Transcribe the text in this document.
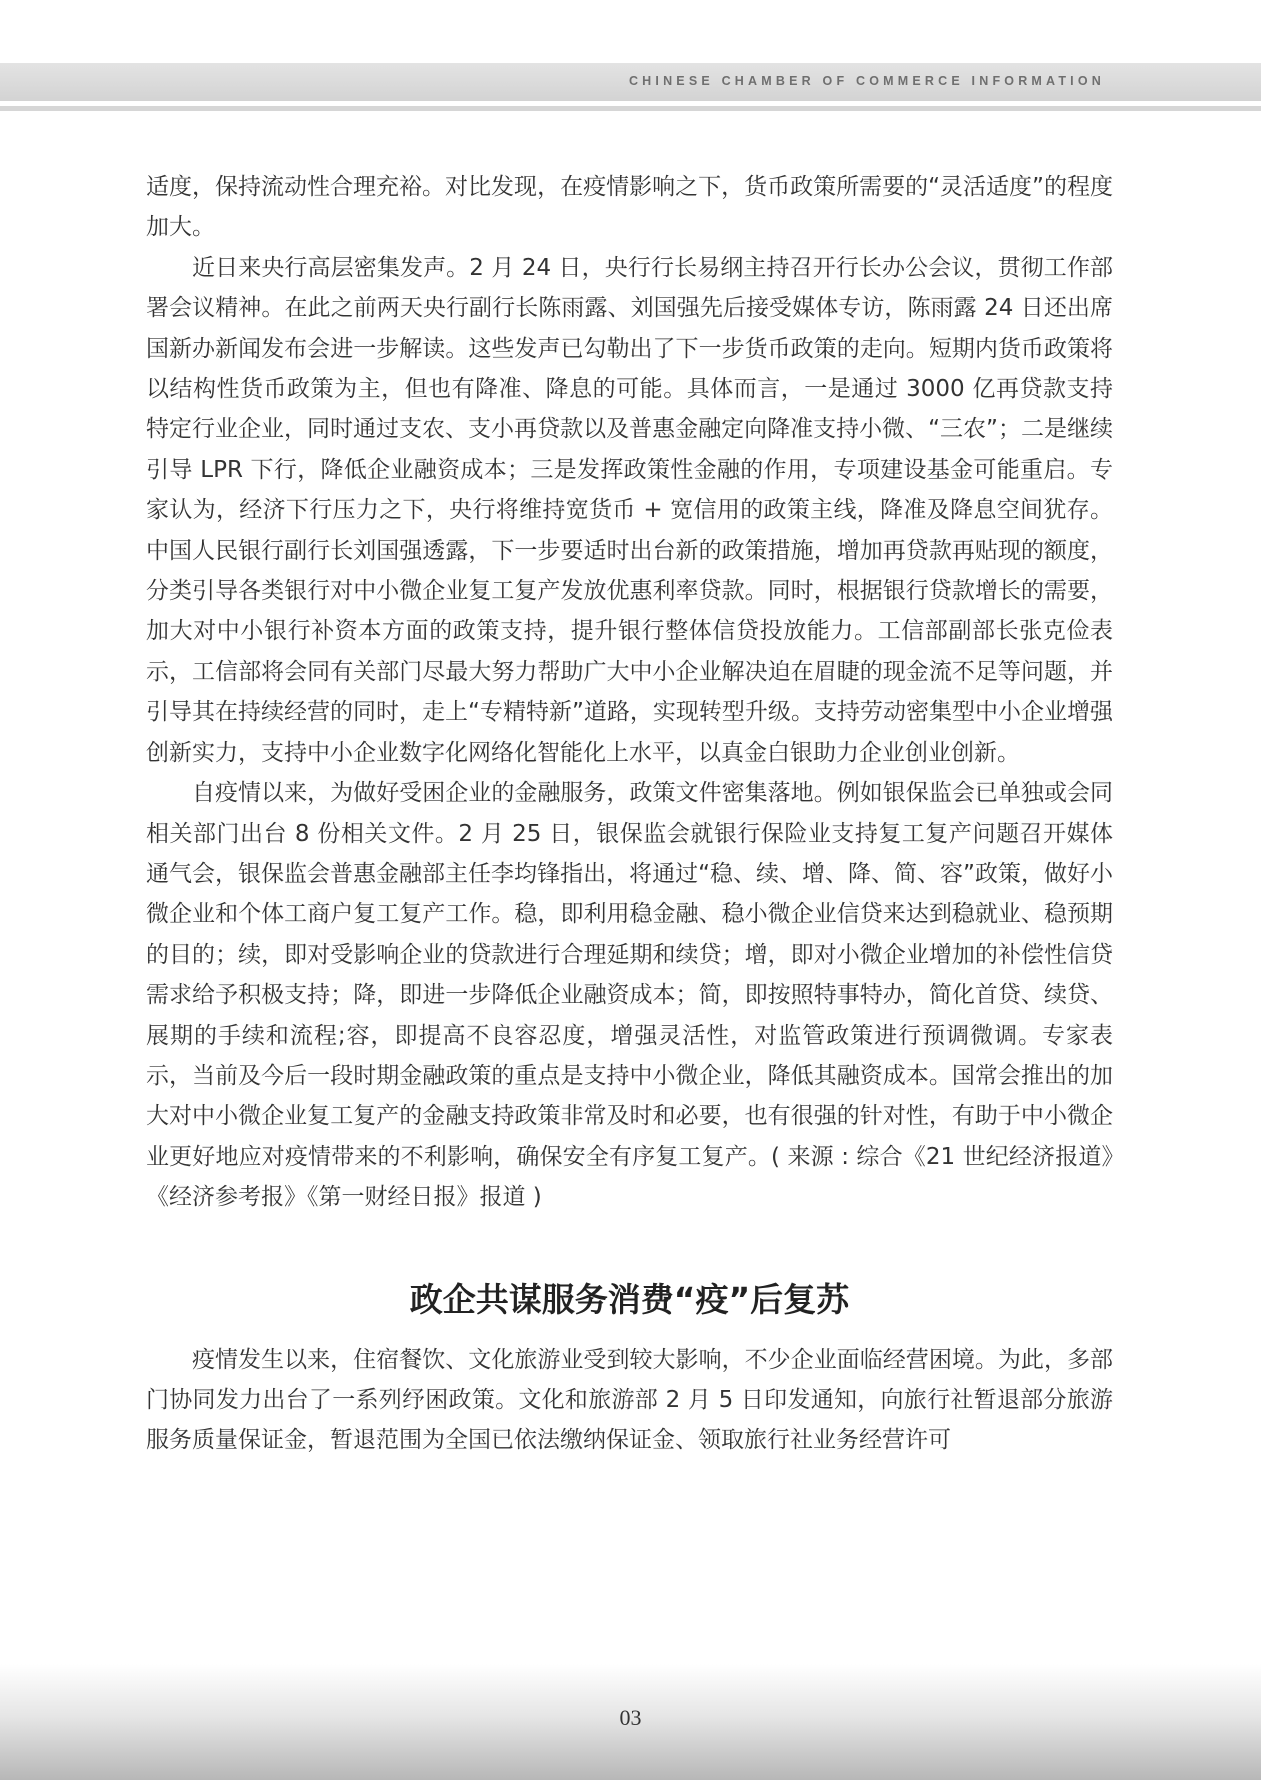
CHINESE CHAMBER OF COMMERCE INFORMATION

适度，保持流动性合理充裕。对比发现，在疫情影响之下，货币政策所需要的“灵活适度”的程度加大。

近日来央行高层密集发声。2 月 24 日，央行行长易纲主持召开行长办公会议，贯彻工作部署会议精神。在此之前两天央行副行长陈雨露、刘国强先后接受媒体专访，陈雨露 24 日还出席国新办新闻发布会进一步解读。这些发声已勾勒出了下一步货币政策的走向。短期内货币政策将以结构性货币政策为主，但也有降准、降息的可能。具体而言，一是通过 3000 亿再贷款支持特定行业企业，同时通过支农、支小再贷款以及普惠金融定向降准支持小微、“三农”；二是继续引导 LPR 下行，降低企业融资成本；三是发挥政策性金融的作用，专项建设基金可能重启。专家认为，经济下行压力之下，央行将维持宽货币 + 宽信用的政策主线，降准及降息空间犹存。中国人民银行副行长刘国强透露，下一步要适时出台新的政策措施，增加再贷款再贴现的额度，分类引导各类银行对中小微企业复工复产发放优惠利率贷款。同时，根据银行贷款增长的需要，加大对中小银行补资本方面的政策支持，提升银行整体信贷投放能力。工信部副部长张克俭表示，工信部将会同有关部门尽最大努力帮助广大中小企业解决迫在眉睫的现金流不足等问题，并引导其在持续经营的同时，走上“专精特新”道路，实现转型升级。支持劳动密集型中小企业增强创新实力，支持中小企业数字化网络化智能化上水平，以真金白银助力企业创业创新。

自疫情以来，为做好受困企业的金融服务，政策文件密集落地。例如银保监会已单独或会同相关部门出台 8 份相关文件。2 月 25 日，银保监会就银行保险业支持复工复产问题召开媒体通气会，银保监会普惠金融部主任李均锋指出，将通过“稳、续、增、降、简、容”政策，做好小微企业和个体工商户复工复产工作。稳，即利用稳金融、稳小微企业信贷来达到稳就业、稳预期的目的；续，即对受影响企业的贷款进行合理延期和续贷；增，即对小微企业增加的补偿性信贷需求给予积极支持；降，即进一步降低企业融资成本；简，即按照特事特办，简化首贷、续贷、展期的手续和流程;容，即提高不良容忍度，增强灵活性，对监管政策进行预调微调。专家表示，当前及今后一段时期金融政策的重点是支持中小微企业，降低其融资成本。国常会推出的加大对中小微企业复工复产的金融支持政策非常及时和必要，也有很强的针对性，有助于中小微企业更好地应对疫情带来的不利影响，确保安全有序复工复产。( 来源 : 综合《21 世纪经济报道》《经济参考报》《第一财经日报》报道 )

政企共谋服务消费“疫”后复苏

疫情发生以来，住宿餐饮、文化旅游业受到较大影响，不少企业面临经营困境。为此，多部门协同发力出台了一系列纾困政策。文化和旅游部 2 月 5 日印发通知，向旅行社暂退部分旅游服务质量保证金，暂退范围为全国已依法缴纳保证金、领取旅行社业务经营许可

03
